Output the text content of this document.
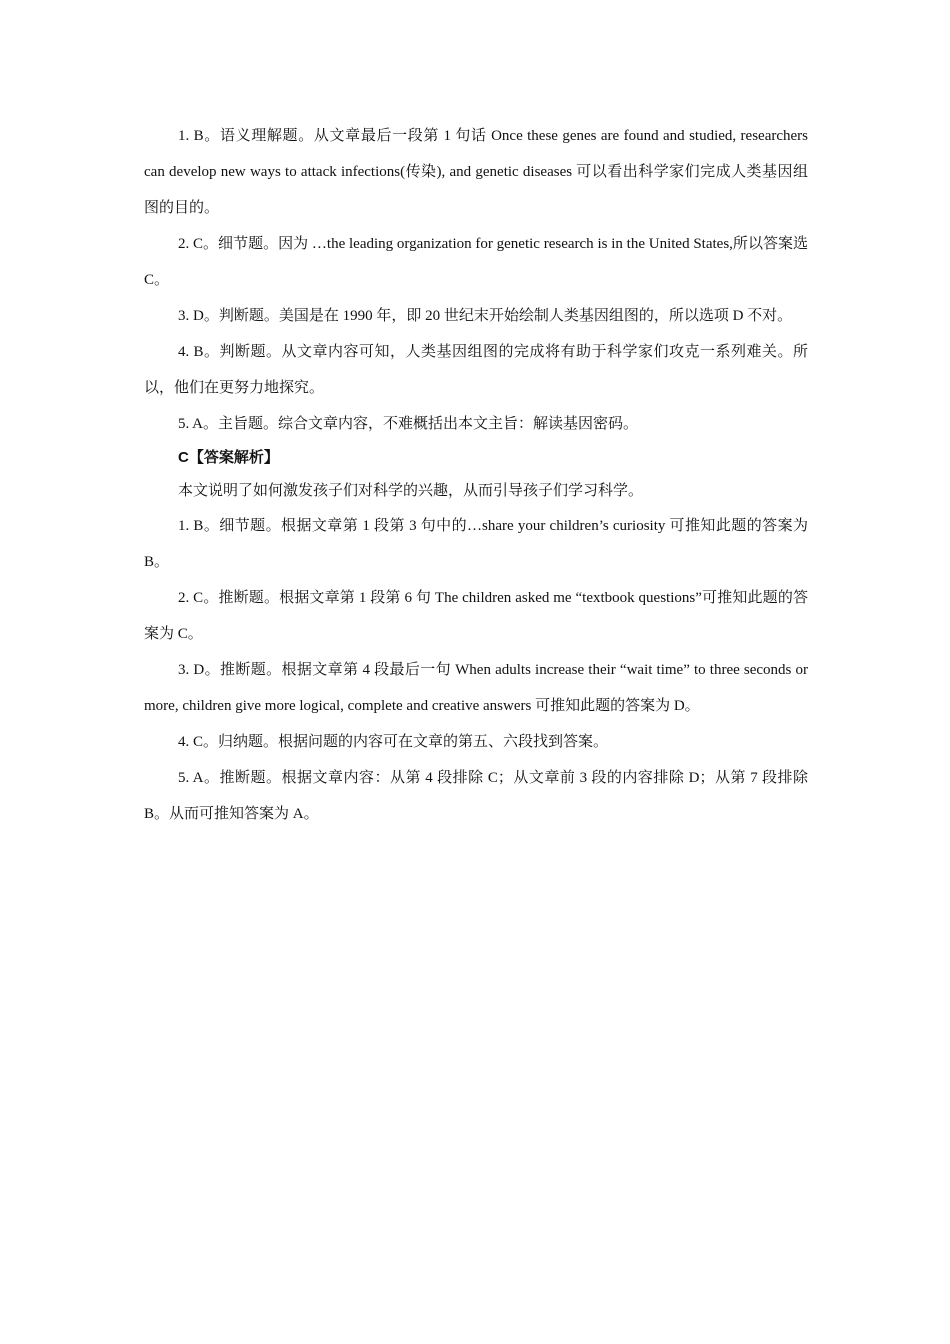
1. B。语义理解题。从文章最后一段第 1 句话 Once these genes are found and studied, researchers can develop new ways to attack infections(传染), and genetic diseases 可以看出科学家们完成人类基因组图的目的。

2. C。细节题。因为 …the leading organization for genetic research is in the United States,所以答案选 C。

3. D。判断题。美国是在 1990 年，即 20 世纪末开始绘制人类基因组图的，所以选项 D 不对。

4. B。判断题。从文章内容可知，人类基因组图的完成将有助于科学家们攻克一系列难关。所以，他们在更努力地探究。

5. A。主旨题。综合文章内容，不难概括出本文主旨：解读基因密码。

C【答案解析】

本文说明了如何激发孩子们对科学的兴趣，从而引导孩子们学习科学。

1. B。细节题。根据文章第 1 段第 3 句中的…share your children’s curiosity 可推知此题的答案为 B。

2. C。推断题。根据文章第 1 段第 6 句 The children asked me “textbook questions”可推知此题的答案为 C。

3. D。推断题。根据文章第 4 段最后一句 When adults increase their “wait time” to three seconds or more, children give more logical, complete and creative answers 可推知此题的答案为 D。

4. C。归纳题。根据问题的内容可在文章的第五、六段找到答案。

5. A。推断题。根据文章内容：从第 4 段排除 C；从文章前 3 段的内容排除 D；从第 7 段排除 B。从而可推知答案为 A。
